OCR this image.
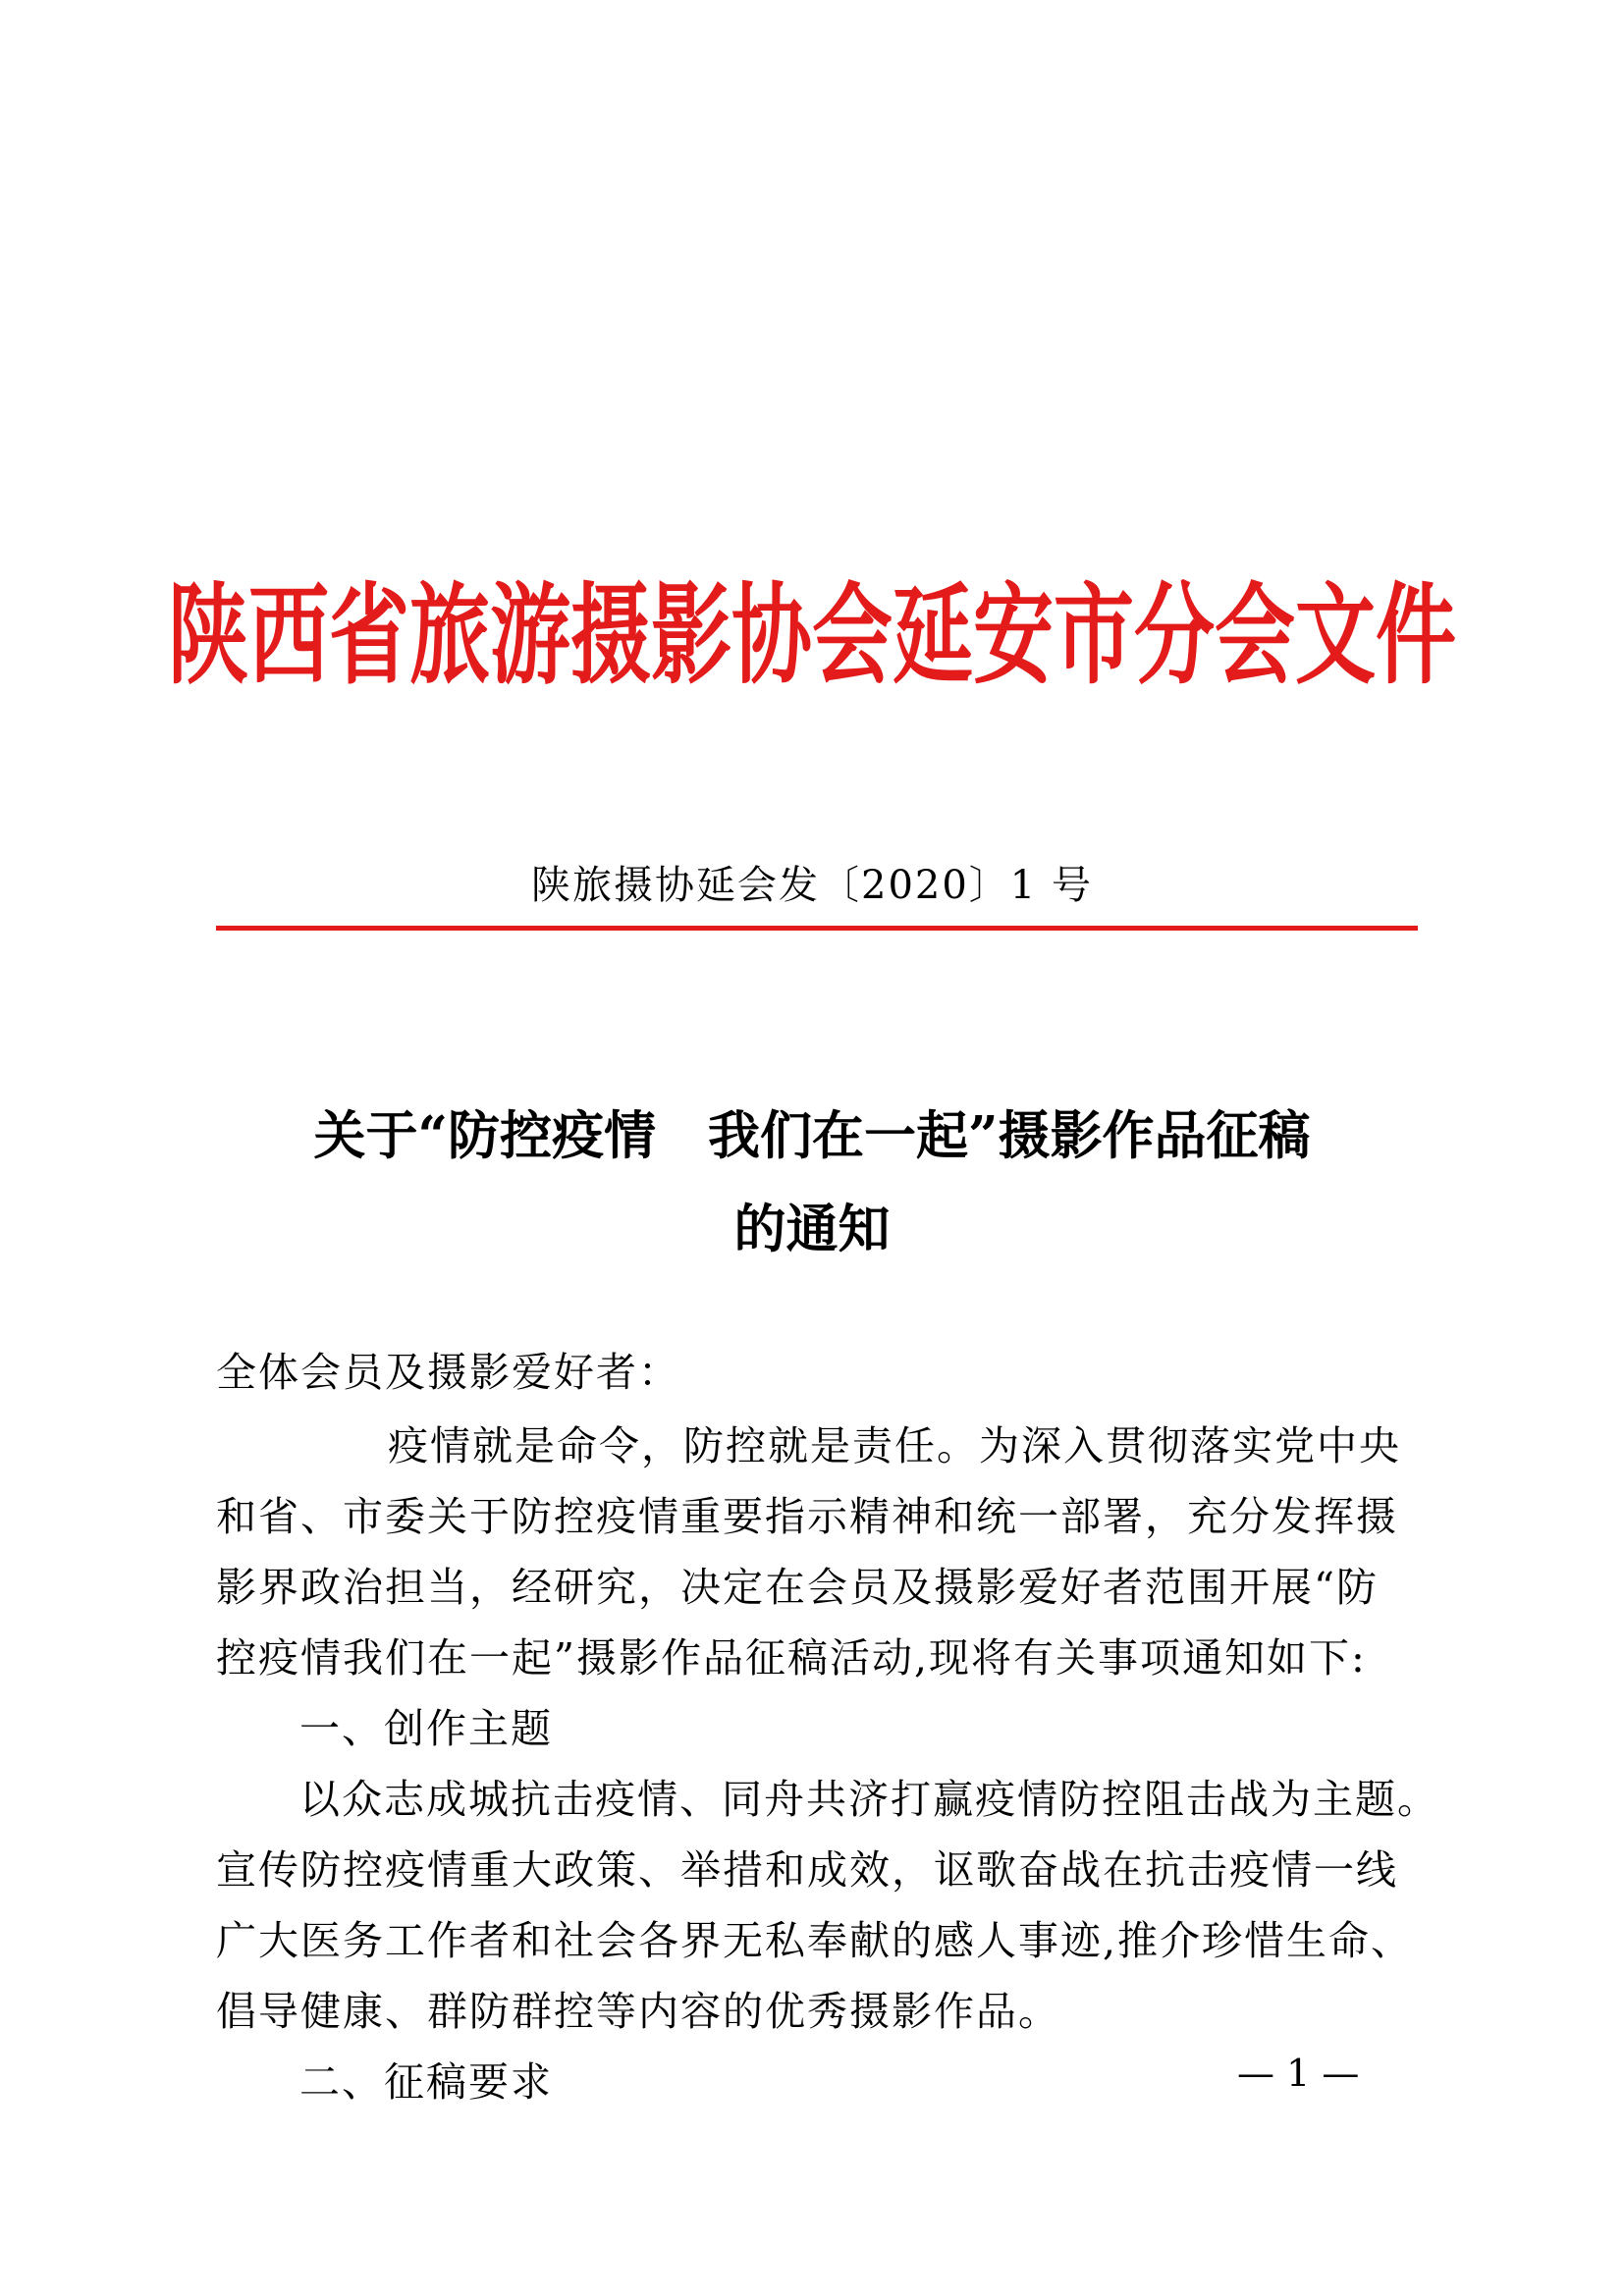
陕西省旅游摄影协会延安市分会文件
陕旅摄协延会发〔2020〕1 号
关于“防控疫情　我们在一起”摄影作品征稿
的通知
全体会员及摄影爱好者：
疫情就是命令，防控就是责任。为深入贯彻落实党中央
和省、市委关于防控疫情重要指示精神和统一部署，充分发挥摄
影界政治担当，经研究，决定在会员及摄影爱好者范围开展“防
控疫情我们在一起”摄影作品征稿活动,现将有关事项通知如下:
一、创作主题
以众志成城抗击疫情、同舟共济打赢疫情防控阻击战为主题。
宣传防控疫情重大政策、举措和成效，讴歌奋战在抗击疫情一线
广大医务工作者和社会各界无私奉献的感人事迹,推介珍惜生命、
倡导健康、群防群控等内容的优秀摄影作品。
二、征稿要求	— 1 —
